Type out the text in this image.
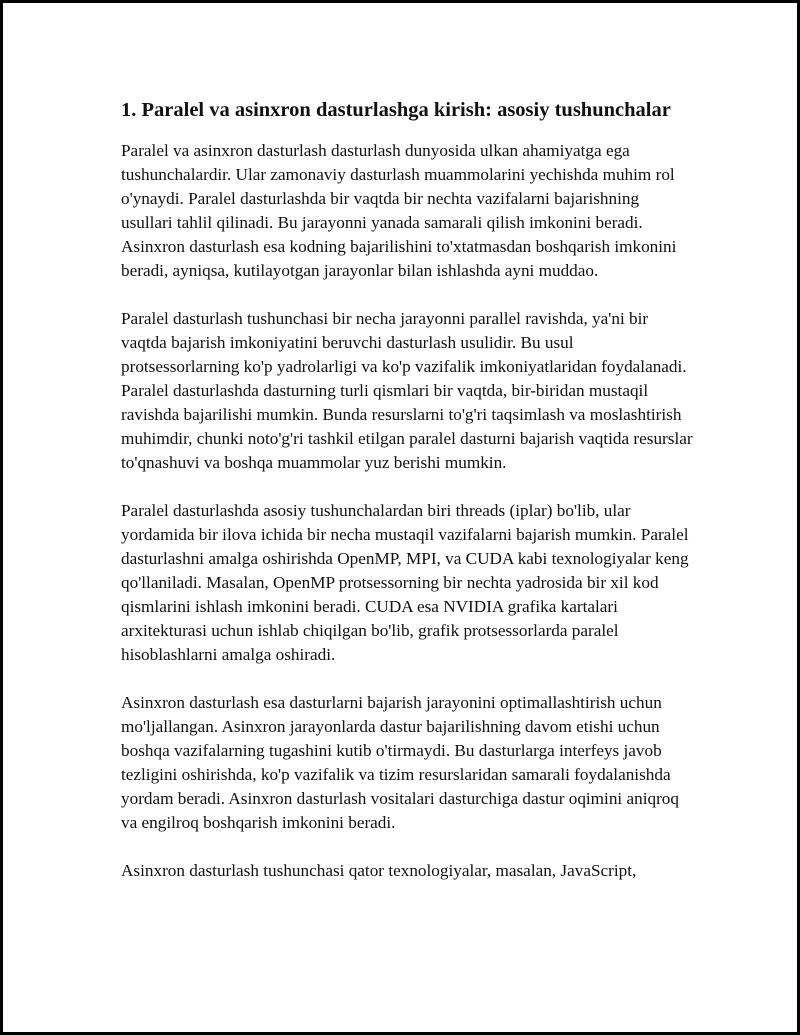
1. Paralel va asinxron dasturlashga kirish: asosiy tushunchalar

Paralel va asinxron dasturlash dasturlash dunyosida ulkan ahamiyatga ega tushunchalardir. Ular zamonaviy dasturlash muammolarini yechishda muhim rol o'ynaydi. Paralel dasturlashda bir vaqtda bir nechta vazifalarni bajarishning usullari tahlil qilinadi. Bu jarayonni yanada samarali qilish imkonini beradi. Asinxron dasturlash esa kodning bajarilishini to'xtatmasdan boshqarish imkonini beradi, ayniqsa, kutilayotgan jarayonlar bilan ishlashda ayni muddao.

Paralel dasturlash tushunchasi bir necha jarayonni parallel ravishda, ya'ni bir vaqtda bajarish imkoniyatini beruvchi dasturlash usulidir. Bu usul protsessorlarning ko'p yadrolarligi va ko'p vazifalik imkoniyatlaridan foydalanadi. Paralel dasturlashda dasturning turli qismlari bir vaqtda, bir-biridan mustaqil ravishda bajarilishi mumkin. Bunda resurslarni to'g'ri taqsimlash va moslashtirish muhimdir, chunki noto'g'ri tashkil etilgan paralel dasturni bajarish vaqtida resurslar to'qnashuvi va boshqa muammolar yuz berishi mumkin.

Paralel dasturlashda asosiy tushunchalardan biri threads (iplar) bo'lib, ular yordamida bir ilova ichida bir necha mustaqil vazifalarni bajarish mumkin. Paralel dasturlashni amalga oshirishda OpenMP, MPI, va CUDA kabi texnologiyalar keng qo'llaniladi. Masalan, OpenMP protsessorning bir nechta yadrosida bir xil kod qismlarini ishlash imkonini beradi. CUDA esa NVIDIA grafika kartalari arxitekturasi uchun ishlab chiqilgan bo'lib, grafik protsessorlarda paralel hisoblashlarni amalga oshiradi.

Asinxron dasturlash esa dasturlarni bajarish jarayonini optimallashtirish uchun mo'ljallangan. Asinxron jarayonlarda dastur bajarilishning davom etishi uchun boshqa vazifalarning tugashini kutib o'tirmaydi. Bu dasturlarga interfeys javob tezligini oshirishda, ko'p vazifalik va tizim resurslaridan samarali foydalanishda yordam beradi. Asinxron dasturlash vositalari dasturchiga dastur oqimini aniqroq va engilroq boshqarish imkonini beradi.

Asinxron dasturlash tushunchasi qator texnologiyalar, masalan, JavaScript,
